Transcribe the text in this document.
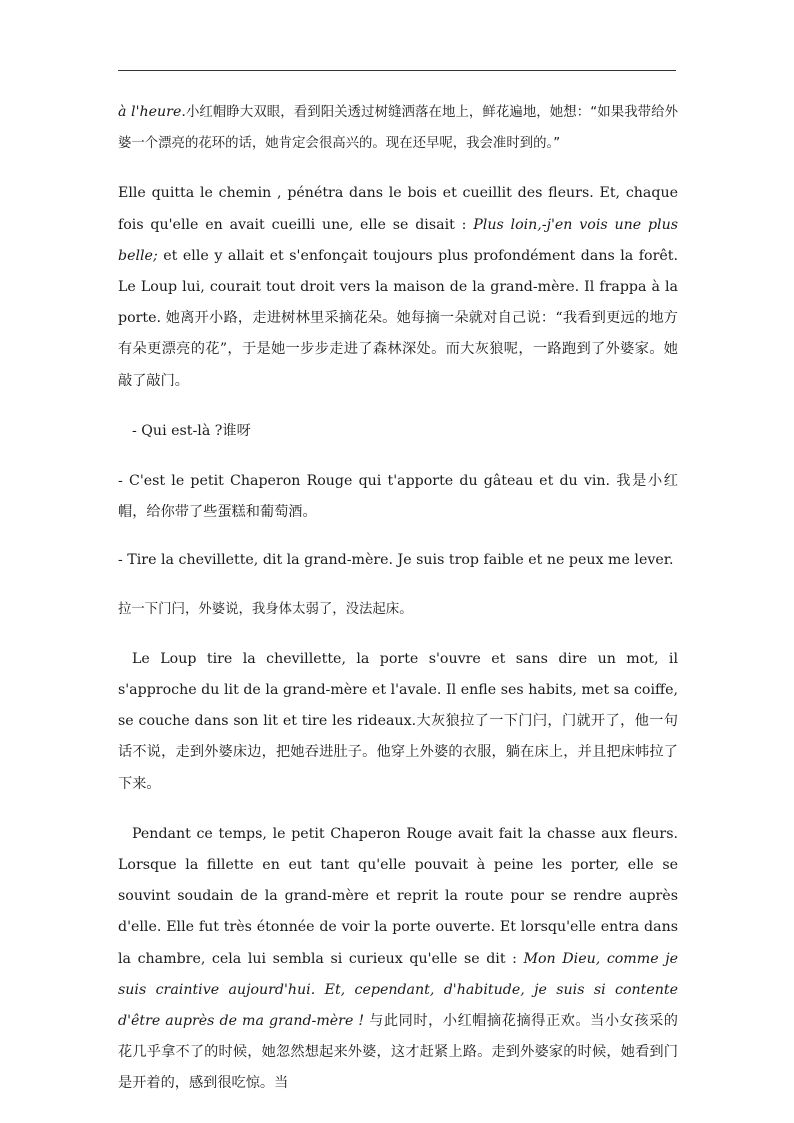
à l'heure.小红帽睁大双眼，看到阳关透过树缝洒落在地上，鲜花遍地，她想：“如果我带给外婆一个漂亮的花环的话，她肯定会很高兴的。现在还早呢，我会准时到的。”

Elle quitta le chemin , pénétra dans le bois et cueillit des fleurs. Et, chaque fois qu'elle en avait cueilli une, elle se disait : Plus loin,-j'en vois une plus belle; et elle y allait et s'enfonçait toujours plus profondément dans la forêt. Le Loup lui, courait tout droit vers la maison de la grand-mère. Il frappa à la porte. 她离开小路，走进树林里采摘花朵。她每摘一朵就对自己说：“我看到更远的地方有朵更漂亮的花”，于是她一步步走进了森林深处。而大灰狼呢，一路跑到了外婆家。她敲了敲门。

- Qui est-là ?谁呀

- C'est le petit Chaperon Rouge qui t'apporte du gâteau et du vin. 我是小红帽，给你带了些蛋糕和葡萄酒。

- Tire la chevillette, dit la grand-mère. Je suis trop faible et ne peux me lever.

拉一下门闩，外婆说，我身体太弱了，没法起床。

Le Loup tire la chevillette, la porte s'ouvre et sans dire un mot, il s'approche du lit de la grand-mère et l'avale. Il enfle ses habits, met sa coiffe, se couche dans son lit et tire les rideaux.大灰狼拉了一下门闩，门就开了，他一句话不说，走到外婆床边，把她吞进肚子。他穿上外婆的衣服，躺在床上，并且把床帏拉了下来。

Pendant ce temps, le petit Chaperon Rouge avait fait la chasse aux fleurs. Lorsque la fillette en eut tant qu'elle pouvait à peine les porter, elle se souvint soudain de la grand-mère et reprit la route pour se rendre auprès d'elle. Elle fut très étonnée de voir la porte ouverte. Et lorsqu'elle entra dans la chambre, cela lui sembla si curieux qu'elle se dit : Mon Dieu, comme je suis craintive aujourd'hui. Et, cependant, d'habitude, je suis si contente d'être auprès de ma grand-mère ! 与此同时，小红帽摘花摘得正欢。当小女孩采的花几乎拿不了的时候，她忽然想起来外婆，这才赶紧上路。走到外婆家的时候，她看到门是开着的，感到很吃惊。当
